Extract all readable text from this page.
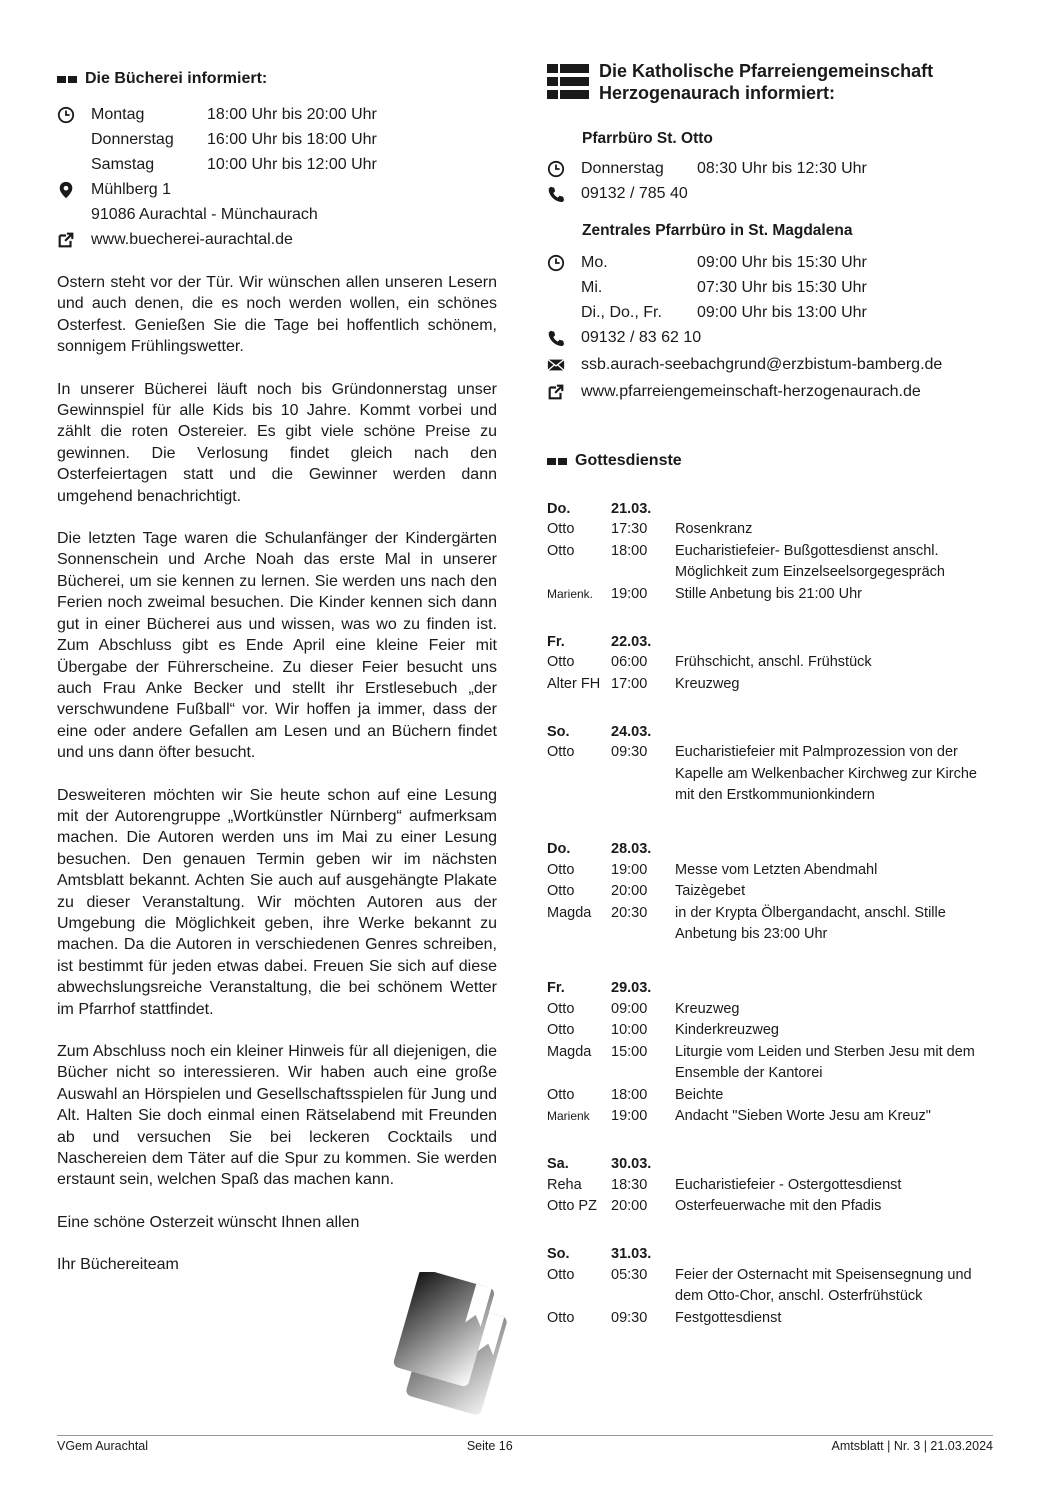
Die Bücherei informiert:
Montag	18:00 Uhr bis 20:00 Uhr
Donnerstag	16:00 Uhr bis 18:00 Uhr
Samstag	10:00 Uhr bis 12:00 Uhr
Mühlberg 1
91086 Aurachtal - Münchaurach
www.buecherei-aurachtal.de

Ostern steht vor der Tür. Wir wünschen allen unseren Lesern und auch denen, die es noch werden wollen, ein schönes Osterfest. Genießen Sie die Tage bei hoffentlich schönem, sonnigem Frühlingswetter.

In unserer Bücherei läuft noch bis Gründonnerstag unser Gewinnspiel für alle Kids bis 10 Jahre. Kommt vorbei und zählt die roten Ostereier. Es gibt viele schöne Preise zu gewinnen. Die Verlosung findet gleich nach den Osterfeiertagen statt und die Gewinner werden dann umgehend benachrichtigt.

Die letzten Tage waren die Schulanfänger der Kindergärten Sonnenschein und Arche Noah das erste Mal in unserer Bücherei, um sie kennen zu lernen. Sie werden uns nach den Ferien noch zweimal besuchen. Die Kinder kennen sich dann gut in einer Bücherei aus und wissen, was wo zu finden ist. Zum Abschluss gibt es Ende April eine kleine Feier mit Übergabe der Führerscheine. Zu dieser Feier besucht uns auch Frau Anke Becker und stellt ihr Erstlesebuch „der verschwundene Fußball“ vor. Wir hoffen ja immer, dass der eine oder andere Gefallen am Lesen und an Büchern findet und uns dann öfter besucht.

Desweiteren möchten wir Sie heute schon auf eine Lesung mit der Autorengruppe „Wortkünstler Nürnberg“ aufmerksam machen. Die Autoren werden uns im Mai zu einer Lesung besuchen. Den genauen Termin geben wir im nächsten Amtsblatt bekannt. Achten Sie auch auf ausgehängte Plakate zu dieser Veranstaltung. Wir möchten Autoren aus der Umgebung die Möglichkeit geben, ihre Werke bekannt zu machen. Da die Autoren in verschiedenen Genres schreiben, ist bestimmt für jeden etwas dabei. Freuen Sie sich auf diese abwechslungsreiche Veranstaltung, die bei schönem Wetter im Pfarrhof stattfindet.

Zum Abschluss noch ein kleiner Hinweis für all diejenigen, die Bücher nicht so interessieren. Wir haben auch eine große Auswahl an Hörspielen und Gesellschaftsspielen für Jung und Alt. Halten Sie doch einmal einen Rätselabend mit Freunden ab und versuchen Sie bei leckeren Cocktails und Naschereien dem Täter auf die Spur zu kommen. Sie werden erstaunt sein, welchen Spaß das machen kann.

Eine schöne Osterzeit wünscht Ihnen allen

Ihr Büchereiteam

Die Katholische Pfarreiengemeinschaft
Herzogenaurach informiert:
Pfarrbüro St. Otto
Donnerstag	08:30 Uhr bis 12:30 Uhr
09132 / 785 40
Zentrales Pfarrbüro in St. Magdalena
Mo.	09:00 Uhr bis 15:30 Uhr
Mi.	07:30 Uhr bis 15:30 Uhr
Di., Do., Fr.	09:00 Uhr bis 13:00 Uhr
09132 / 83 62 10
ssb.aurach-seebachgrund@erzbistum-bamberg.de
www.pfarreiengemeinschaft-herzogenaurach.de
Gottesdienste
Do.	21.03.
Otto	17:30	Rosenkranz
Otto	18:00	Eucharistiefeier- Bußgottesdienst anschl. Möglichkeit zum Einzelseelsorgegespräch
Marienk.	19:00	Stille Anbetung bis 21:00 Uhr
Fr.	22.03.
Otto	06:00	Frühschicht, anschl. Frühstück
Alter FH 17:00	Kreuzweg
So.	24.03.
Otto	09:30	Eucharistiefeier mit Palmprozession von der Kapelle am Welkenbacher Kirchweg zur Kirche mit den Erstkommunionkindern
Do.	28.03.
Otto	19:00	Messe vom Letzten Abendmahl
Otto	20:00	Taizègebet
Magda	20:30	in der Krypta Ölbergandacht, anschl. Stille Anbetung bis 23:00 Uhr
Fr.	29.03.
Otto	09:00	Kreuzweg
Otto	10:00	Kinderkreuzweg
Magda	15:00	Liturgie vom Leiden und Sterben Jesu mit dem Ensemble der Kantorei
Otto	18:00	Beichte
Marienk	19:00	Andacht "Sieben Worte Jesu am Kreuz"
Sa.	30.03.
Reha	18:30	Eucharistiefeier - Ostergottesdienst
Otto PZ 20:00	Osterfeuerwache mit den Pfadis
So.	31.03.
Otto	05:30	Feier der Osternacht mit Speisensegnung und dem Otto-Chor, anschl. Osterfrühstück
Otto	09:30	Festgottesdienst
VGem Aurachtal	Seite 16	Amtsblatt | Nr. 3 | 21.03.2024
